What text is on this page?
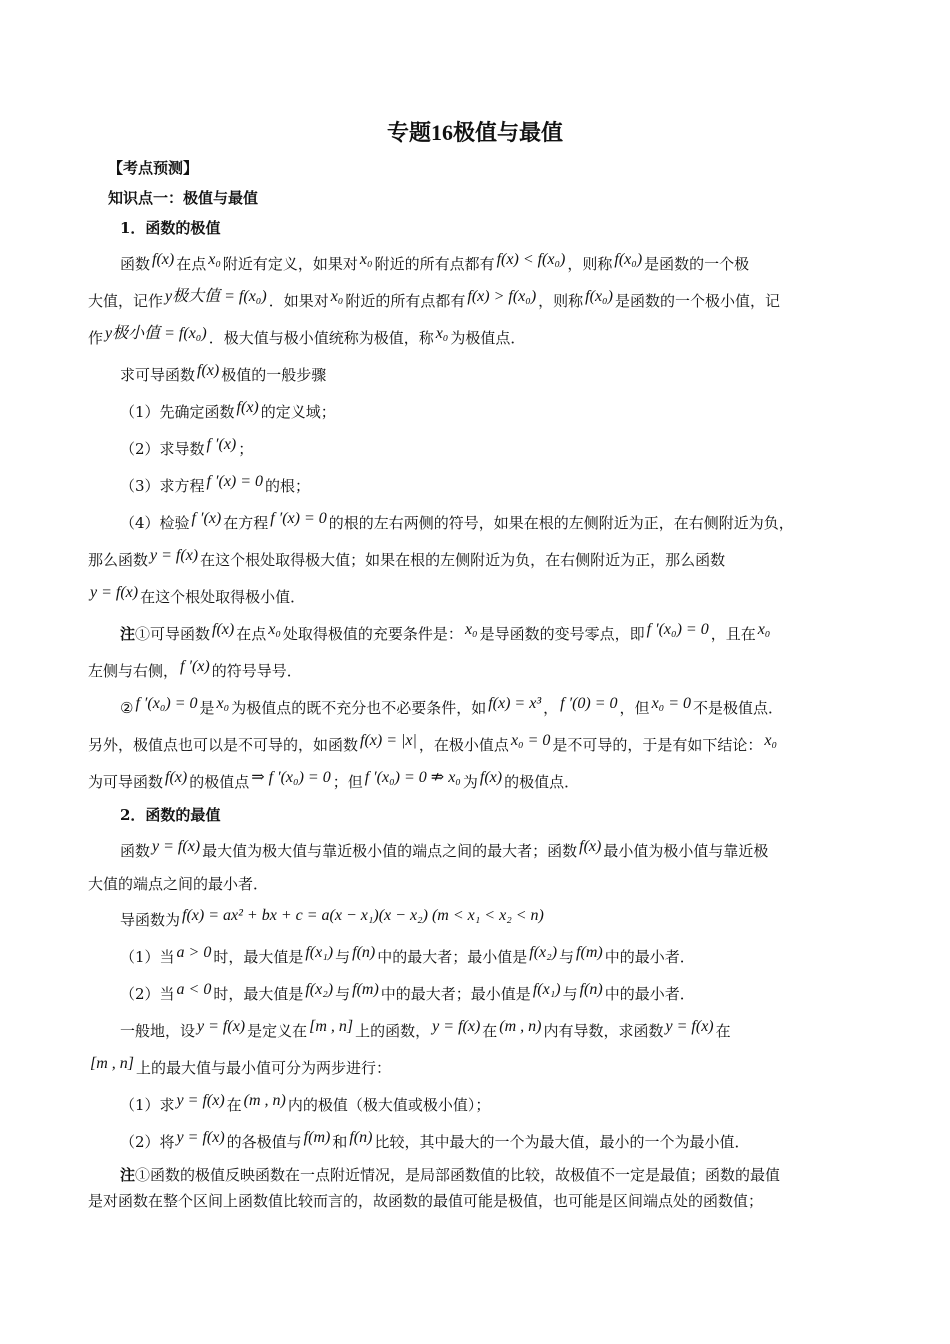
专题16极值与最值
【考点预测】
知识点一：极值与最值
1．函数的极值
函数 f(x) 在点 x₀ 附近有定义，如果对 x₀ 附近的所有点都有 f(x) < f(x₀) ，则称 f(x₀) 是函数的一个极
大值，记作 y极大值 = f(x₀) ．如果对 x₀ 附近的所有点都有 f(x) > f(x₀) ，则称 f(x₀) 是函数的一个极小值，记
作 y极小值 = f(x₀) ．极大值与极小值统称为极值，称 x₀ 为极值点．
求可导函数 f(x) 极值的一般步骤
（1）先确定函数 f(x) 的定义域；
（2）求导数 f ′(x) ；
（3）求方程 f ′(x) = 0 的根；
（4）检验 f ′(x) 在方程 f ′(x) = 0 的根的左右两侧的符号，如果在根的左侧附近为正，在右侧附近为负，
那么函数 y = f(x) 在这个根处取得极大值；如果在根的左侧附近为负，在右侧附近为正，那么函数
y = f(x) 在这个根处取得极小值．
注①可导函数 f(x) 在点 x₀ 处取得极值的充要条件是： x₀ 是导函数的变号零点，即 f ′(x₀) = 0 ，且在 x₀
左侧与右侧， f ′(x) 的符号导号．
② f ′(x₀) = 0 是 x₀ 为极值点的既不充分也不必要条件，如 f(x) = x³ ， f ′(0) = 0 ，但 x₀ = 0 不是极值点．
另外，极值点也可以是不可导的，如函数 f(x) = |x| ，在极小值点 x₀ = 0 是不可导的，于是有如下结论： x₀
为可导函数 f(x) 的极值点 ⇒ f ′(x₀) = 0 ；但 f ′(x₀) = 0 ⇏ x₀ 为 f(x) 的极值点．
2．函数的最值
函数 y = f(x) 最大值为极大值与靠近极小值的端点之间的最大者；函数 f(x) 最小值为极小值与靠近极
大值的端点之间的最小者．
导函数为 f(x) = ax² + bx + c = a(x − x₁)(x − x₂) (m < x₁ < x₂ < n)
（1）当 a > 0 时，最大值是 f(x₁) 与 f(n) 中的最大者；最小值是 f(x₂) 与 f(m) 中的最小者．
（2）当 a < 0 时，最大值是 f(x₂) 与 f(m) 中的最大者；最小值是 f(x₁) 与 f(n) 中的最小者．
一般地，设 y = f(x) 是定义在 [m , n] 上的函数， y = f(x) 在 (m , n) 内有导数，求函数 y = f(x) 在
[m , n] 上的最大值与最小值可分为两步进行：
（1）求 y = f(x) 在 (m , n) 内的极值（极大值或极小值）；
（2）将 y = f(x) 的各极值与 f(m) 和 f(n) 比较，其中最大的一个为最大值，最小的一个为最小值．
注①函数的极值反映函数在一点附近情况，是局部函数值的比较，故极值不一定是最值；函数的最值
是对函数在整个区间上函数值比较而言的，故函数的最值可能是极值，也可能是区间端点处的函数值；
